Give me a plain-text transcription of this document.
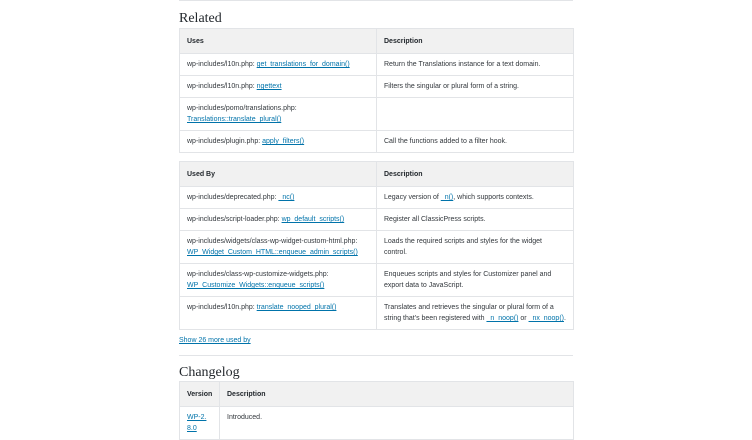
Related
Uses	Description
wp-includes/l10n.php: get_translations_for_domain()	Return the Translations instance for a text domain.
wp-includes/l10n.php: ngettext	Filters the singular or plural form of a string.
wp-includes/pomo/translations.php:
Translations::translate_plural()	
wp-includes/plugin.php: apply_filters()	Call the functions added to a filter hook.
Used By	Description
wp-includes/deprecated.php: _nc()	Legacy version of _n(), which supports contexts.
wp-includes/script-loader.php: wp_default_scripts()	Register all ClassicPress scripts.
wp-includes/widgets/class-wp-widget-custom-html.php:
WP_Widget_Custom_HTML::enqueue_admin_scripts()	Loads the required scripts and styles for the widget control.
wp-includes/class-wp-customize-widgets.php:
WP_Customize_Widgets::enqueue_scripts()	Enqueues scripts and styles for Customizer panel and export data to JavaScript.
wp-includes/l10n.php: translate_nooped_plural()	Translates and retrieves the singular or plural form of a string that's been registered with _n_noop() or _nx_noop().
Show 26 more used by
Changelog
Version	Description
WP-2.8.0	Introduced.
